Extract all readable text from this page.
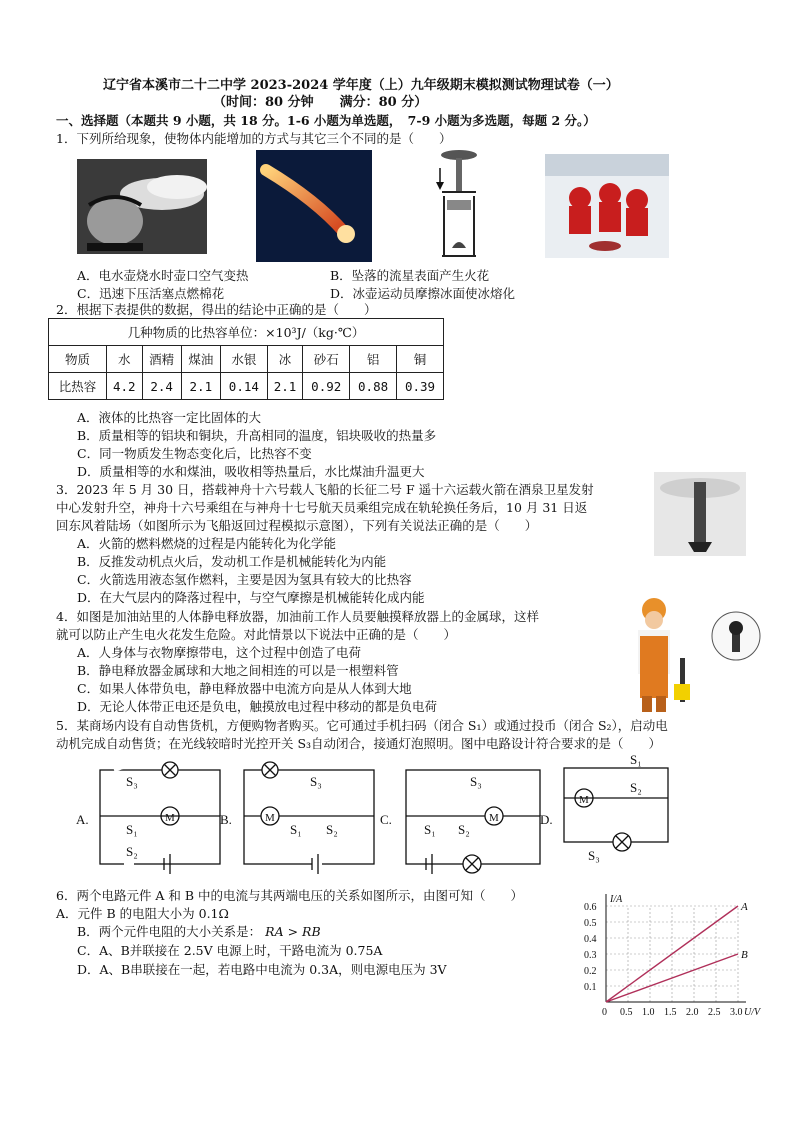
辽宁省本溪市二十二中学 2023-2024 学年度（上）九年级期末模拟测试物理试卷（一）
（时间：80 分钟　　满分：80 分）
一、选择题（本题共 9 小题，共 18 分。1-6 小题为单选题，　7-9 小题为多选题，每题 2 分。）
1．下列所给现象，使物体内能增加的方式与其它三个不同的是（　　）
A．电水壶烧水时壶口空气变热	B．坠落的流星表面产生火花
C．迅速下压活塞点燃棉花	D．冰壶运动员摩擦冰面使冰熔化
2．根据下表提供的数据，得出的结论中正确的是（　　）
几种物质的比热容单位：×10³J/（kg·℃）								
物质	水	酒精	煤油	水银	冰	砂石	铝	铜
比热容	4.2	2.4	2.1	0.14	2.1	0.92	0.88	0.39
A．液体的比热容一定比固体的大
B．质量相等的铝块和铜块，升高相同的温度，铝块吸收的热量多
C．同一物质发生物态变化后，比热容不变
D．质量相等的水和煤油，吸收相等热量后，水比煤油升温更大
3．2023 年 5 月 30 日，搭载神舟十六号载人飞船的长征二号 F 遥十六运载火箭在酒泉卫星发射
中心发射升空，神舟十六号乘组在与神舟十七号航天员乘组完成在轨轮换任务后，10 月 31 日返
回东风着陆场（如图所示为飞船返回过程模拟示意图），下列有关说法正确的是（　　）
A．火箭的燃料燃烧的过程是内能转化为化学能
B．反推发动机点火后，发动机工作是机械能转化为内能
C．火箭选用液态氢作燃料，主要是因为氢具有较大的比热容
D．在大气层内的降落过程中，与空气摩擦是机械能转化成内能
4．如图是加油站里的人体静电释放器，加油前工作人员要触摸释放器上的金属球，这样
就可以防止产生电火花发生危险。对此情景以下说法中正确的是（　　）
A．人身体与衣物摩擦带电，这个过程中创造了电荷
B．静电释放器金属球和大地之间相连的可以是一根塑料管
C．如果人体带负电，静电释放器中电流方向是从人体到大地
D．无论人体带正电还是负电，触摸放电过程中移动的都是负电荷
5．某商场内设有自动售货机，方便购物者购买。它可通过手机扫码（闭合 S₁）或通过投币（闭合 S₂），启动电
动机完成自动售货；在光线较暗时光控开关 S₃自动闭合，接通灯泡照明。图中电路设计符合要求的是（　　）
A.	B.	C.	D.
S₃
S₁
S₂
M
S₃
S₁ S₂
M
S₃
S₁ S₂
M
S₁
S₂
S₃
M
6．两个电路元件 A 和 B 中的电流与其两端电压的关系如图所示，由图可知（　　）
A．元件 B 的电阻大小为 0.1Ω
B．两个元件电阻的大小关系是： RA > RB
C．A、B并联接在 2.5V 电源上时，干路电流为 0.75A
D．A、B串联接在一起，若电路中电流为 0.3A，则电源电压为 3V
A
B
0 0.5 1.0 1.5 2.0 2.5 3.0
0.1
0.2
0.3
0.4
0.5
0.6
U/V
I/A
